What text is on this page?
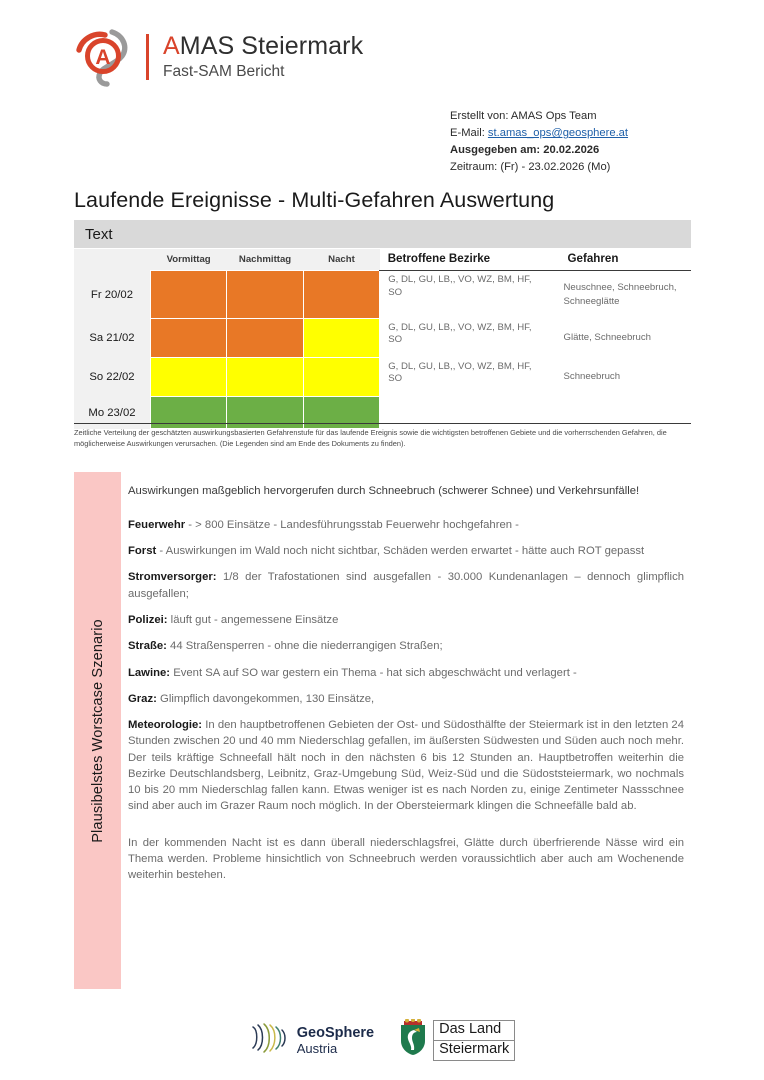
A AMAS Steiermark
Fast-SAM Bericht
Erstellt von: AMAS Ops Team
E-Mail: st.amas_ops@geosphere.at
Ausgegeben am: 20.02.2026
Zeitraum: (Fr) - 23.02.2026 (Mo)
Laufende Ereignisse - Multi-Gefahren Auswertung
Text
	Vormittag	Nachmittag	Nacht	Betroffene Bezirke	Gefahren
Fr 20/02				G, DL, GU, LB,, VO, WZ, BM, HF, SO	Neuschnee, Schneebruch, Schneeglätte
Sa 21/02				G, DL, GU, LB,, VO, WZ, BM, HF, SO	Glätte, Schneebruch
So 22/02				G, DL, GU, LB,, VO, WZ, BM, HF, SO	Schneebruch
Mo 23/02					
Zeitliche Verteilung der geschätzten auswirkungsbasierten Gefahrenstufe für das laufende Ereignis sowie die wichtigsten betroffenen Gebiete und die vorherrschenden Gefahren, die möglicherweise Auswirkungen verursachen. (Die Legenden sind am Ende des Dokuments zu finden).
Plausibelstes Worstcase Szenario
Auswirkungen maßgeblich hervorgerufen durch Schneebruch (schwerer Schnee) und Verkehrsunfälle!

Feuerwehr - > 800 Einsätze - Landesführungsstab Feuerwehr hochgefahren -

Forst - Auswirkungen im Wald noch nicht sichtbar, Schäden werden erwartet - hätte auch ROT gepasst

Stromversorger: 1/8 der Trafostationen sind ausgefallen - 30.000 Kundenanlagen – dennoch glimpflich ausgefallen;

Polizei: läuft gut - angemessene Einsätze

Straße: 44 Straßensperren - ohne die niederrangigen Straßen;

Lawine: Event SA auf SO war gestern ein Thema - hat sich abgeschwächt und verlagert -

Graz: Glimpflich davongekommen, 130 Einsätze,

Meteorologie: In den hauptbetroffenen Gebieten der Ost- und Südosthälfte der Steiermark ist in den letzten 24 Stunden zwischen 20 und 40 mm Niederschlag gefallen, im äußersten Südwesten und Süden auch noch mehr. Der teils kräftige Schneefall hält noch in den nächsten 6 bis 12 Stunden an. Hauptbetroffen weiterhin die Bezirke Deutschlandsberg, Leibnitz, Graz-Umgebung Süd, Weiz-Süd und die Südoststeiermark, wo nochmals 10 bis 20 mm Niederschlag fallen kann. Etwas weniger ist es nach Norden zu, einige Zentimeter Nassschnee sind aber auch im Grazer Raum noch möglich. In der Obersteiermark klingen die Schneefälle bald ab.

In der kommenden Nacht ist es dann überall niederschlagsfrei, Glätte durch überfrierende Nässe wird ein Thema werden. Probleme hinsichtlich von Schneebruch werden voraussichtlich aber auch am Wochenende weiterhin bestehen.

GeoSphere
Austria
Das Land
Steiermark
